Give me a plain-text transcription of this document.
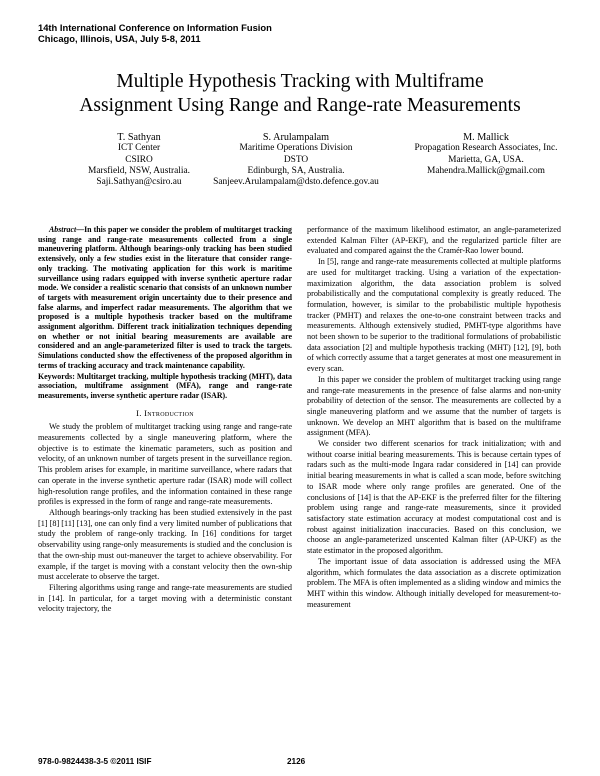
14th International Conference on Information Fusion
Chicago, Illinois, USA, July 5-8, 2011
Multiple Hypothesis Tracking with Multiframe
Assignment Using Range and Range-rate Measurements
T. Sathyan
ICT Center
CSIRO
Marsfield, NSW, Australia.
Saji.Sathyan@csiro.au
S. Arulampalam
Maritime Operations Division
DSTO
Edinburgh, SA, Australia.
Sanjeev.Arulampalam@dsto.defence.gov.au
M. Mallick
Propagation Research Associates, Inc.
Marietta, GA, USA.
Mahendra.Mallick@gmail.com

Abstract—In this paper we consider the problem of multitarget tracking using range and range-rate measurements collected from a single maneuvering platform. Although bearings-only tracking has been studied extensively, only a few studies exist in the literature that consider range-only tracking. The motivating application for this work is maritime surveillance using radars equipped with inverse synthetic aperture radar mode. We consider a realistic scenario that consists of an unknown number of targets with measurement origin uncertainty due to their presence and false alarms, and imperfect radar measurements. The algorithm that we proposed is a multiple hypothesis tracker based on the multiframe assignment algorithm. Different track initialization techniques depending on whether or not initial bearing measurements are available are considered and an angle-parameterized filter is used to track the targets. Simulations conducted show the effectiveness of the proposed algorithm in terms of tracking accuracy and track maintenance capability.

Keywords: Multitarget tracking, multiple hypothesis tracking (MHT), data association, multiframe assignment (MFA), range and range-rate measurements, inverse synthetic aperture radar (ISAR).

I. Introduction

We study the problem of multitarget tracking using range and range-rate measurements collected by a single maneuvering platform, where the objective is to estimate the kinematic parameters, such as position and velocity, of an unknown number of targets present in the surveillance region. This problem arises for example, in maritime surveillance, where radars that can operate in the inverse synthetic aperture radar (ISAR) mode will collect high-resolution range profiles, and the information contained in these range profiles is expressed in the form of range and range-rate measurements.

Although bearings-only tracking has been studied extensively in the past [1] [8] [11] [13], one can only find a very limited number of publications that study the problem of range-only tracking. In [16] conditions for target observability using range-only measurements is studied and the conclusion is that the own-ship must out-maneuver the target to achieve observability. For example, if the target is moving with a constant velocity then the own-ship must accelerate to observe the target.

Filtering algorithms using range and range-rate measurements are studied in [14]. In particular, for a target moving with a deterministic constant velocity trajectory, the

performance of the maximum likelihood estimator, an angle-parameterized extended Kalman Filter (AP-EKF), and the regularized particle filter are evaluated and compared against the the Cramér-Rao lower bound.

In [5], range and range-rate measurements collected at multiple platforms are used for multitarget tracking. Using a variation of the expectation-maximization algorithm, the data association problem is solved probabilistically and the computational complexity is greatly reduced. The formulation, however, is similar to the probabilistic multiple hypothesis tracker (PMHT) and relaxes the one-to-one constraint between tracks and measurements. Although extensively studied, PMHT-type algorithms have not been shown to be superior to the traditional formulations of probabilistic data association [2] and multiple hypothesis tracking (MHT) [12], [9], both of which correctly assume that a target generates at most one measurement in every scan.

In this paper we consider the problem of multitarget tracking using range and range-rate measurements in the presence of false alarms and non-unity probability of detection of the sensor. The measurements are collected by a single maneuvering platform and we assume that the number of targets is unknown. We develop an MHT algorithm that is based on the multiframe assignment (MFA).

We consider two different scenarios for track initialization; with and without coarse initial bearing measurements. This is because certain types of radars such as the multi-mode Ingara radar considered in [14] can provide initial bearing measurements in what is called a scan mode, before switching to ISAR mode where only range profiles are generated. One of the conclusions of [14] is that the AP-EKF is the preferred filter for the filtering problem using range and range-rate measurements, since it provided satisfactory state estimation accuracy at modest computational cost and is robust against initialization inaccuracies. Based on this conclusion, we choose an angle-parameterized unscented Kalman filter (AP-UKF) as the state estimator in the proposed algorithm.

The important issue of data association is addressed using the MFA algorithm, which formulates the data association as a discrete optimization problem. The MFA is often implemented as a sliding window and mimics the MHT within this window. Although initially developed for measurement-to-measurement

978-0-9824438-3-5 ©2011 ISIF	2126
